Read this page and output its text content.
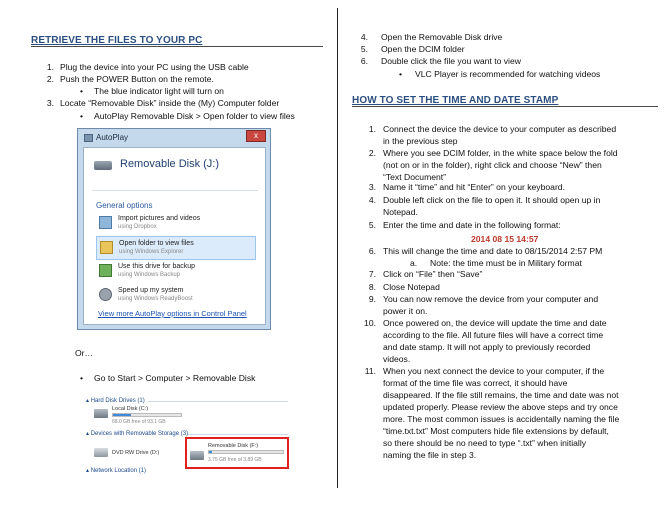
RETRIEVE THE FILES TO YOUR PC
1. Plug the device into your PC using the USB cable
2. Push the POWER Button on the remote.
• The blue indicator light will turn on
3. Locate “Removable Disk” inside the (My) Computer folder
• AutoPlay Removable Disk > Open folder to view files
AutoPlay	x
Removable Disk (J:)
General options
Import pictures and videos
using Dropbox
Open folder to view files
using Windows Explorer
Use this drive for backup
using Windows Backup
Speed up my system
using Windows ReadyBoost
View more AutoPlay options in Control Panel
Or…
• Go to Start > Computer > Removable Disk
▴ Hard Disk Drives (1)
Local Disk (C:)
68.0 GB free of 93.1 GB
▴ Devices with Removable Storage (3)
DVD RW Drive (D:)
Removable Disk (F:)
3.75 GB free of 3.89 GB
▴ Network Location (1)
4. Open the Removable Disk drive
5. Open the DCIM folder
6. Double click the file you want to view
• VLC Player is recommended for watching videos
HOW TO SET THE TIME AND DATE STAMP
1. Connect the device the device to your computer as described
in the previous step
2. Where you see DCIM folder, in the white space below the fold
(not on or in the folder), right click and choose “New” then
“Text Document”
3. Name it “time” and hit “Enter” on your keyboard.
4. Double left click on the file to open it. It should open up in
Notepad.
5. Enter the time and date in the following format:
6. This will change the time and date to 08/15/2014 2:57 PM
7. Click on “File” then “Save”
8. Close Notepad
9. You can now remove the device from your computer and
power it on.
10. Once powered on, the device will update the time and date
according to the file. All future files will have a correct time
and date stamp. It will not apply to previously recorded
videos.
11. When you next connect the device to your computer, if the
format of the time file was correct, it should have
disappeared. If the file still remains, the time and date was not
updated properly. Please review the above steps and try once
more. The most common issues is accidentally naming the file
“time.txt.txt” Most computers hide file extensions by default,
so there should be no need to type “.txt” when initially
naming the file in step 3.
2014 08 15 14:57
a. Note: the time must be in Military format
